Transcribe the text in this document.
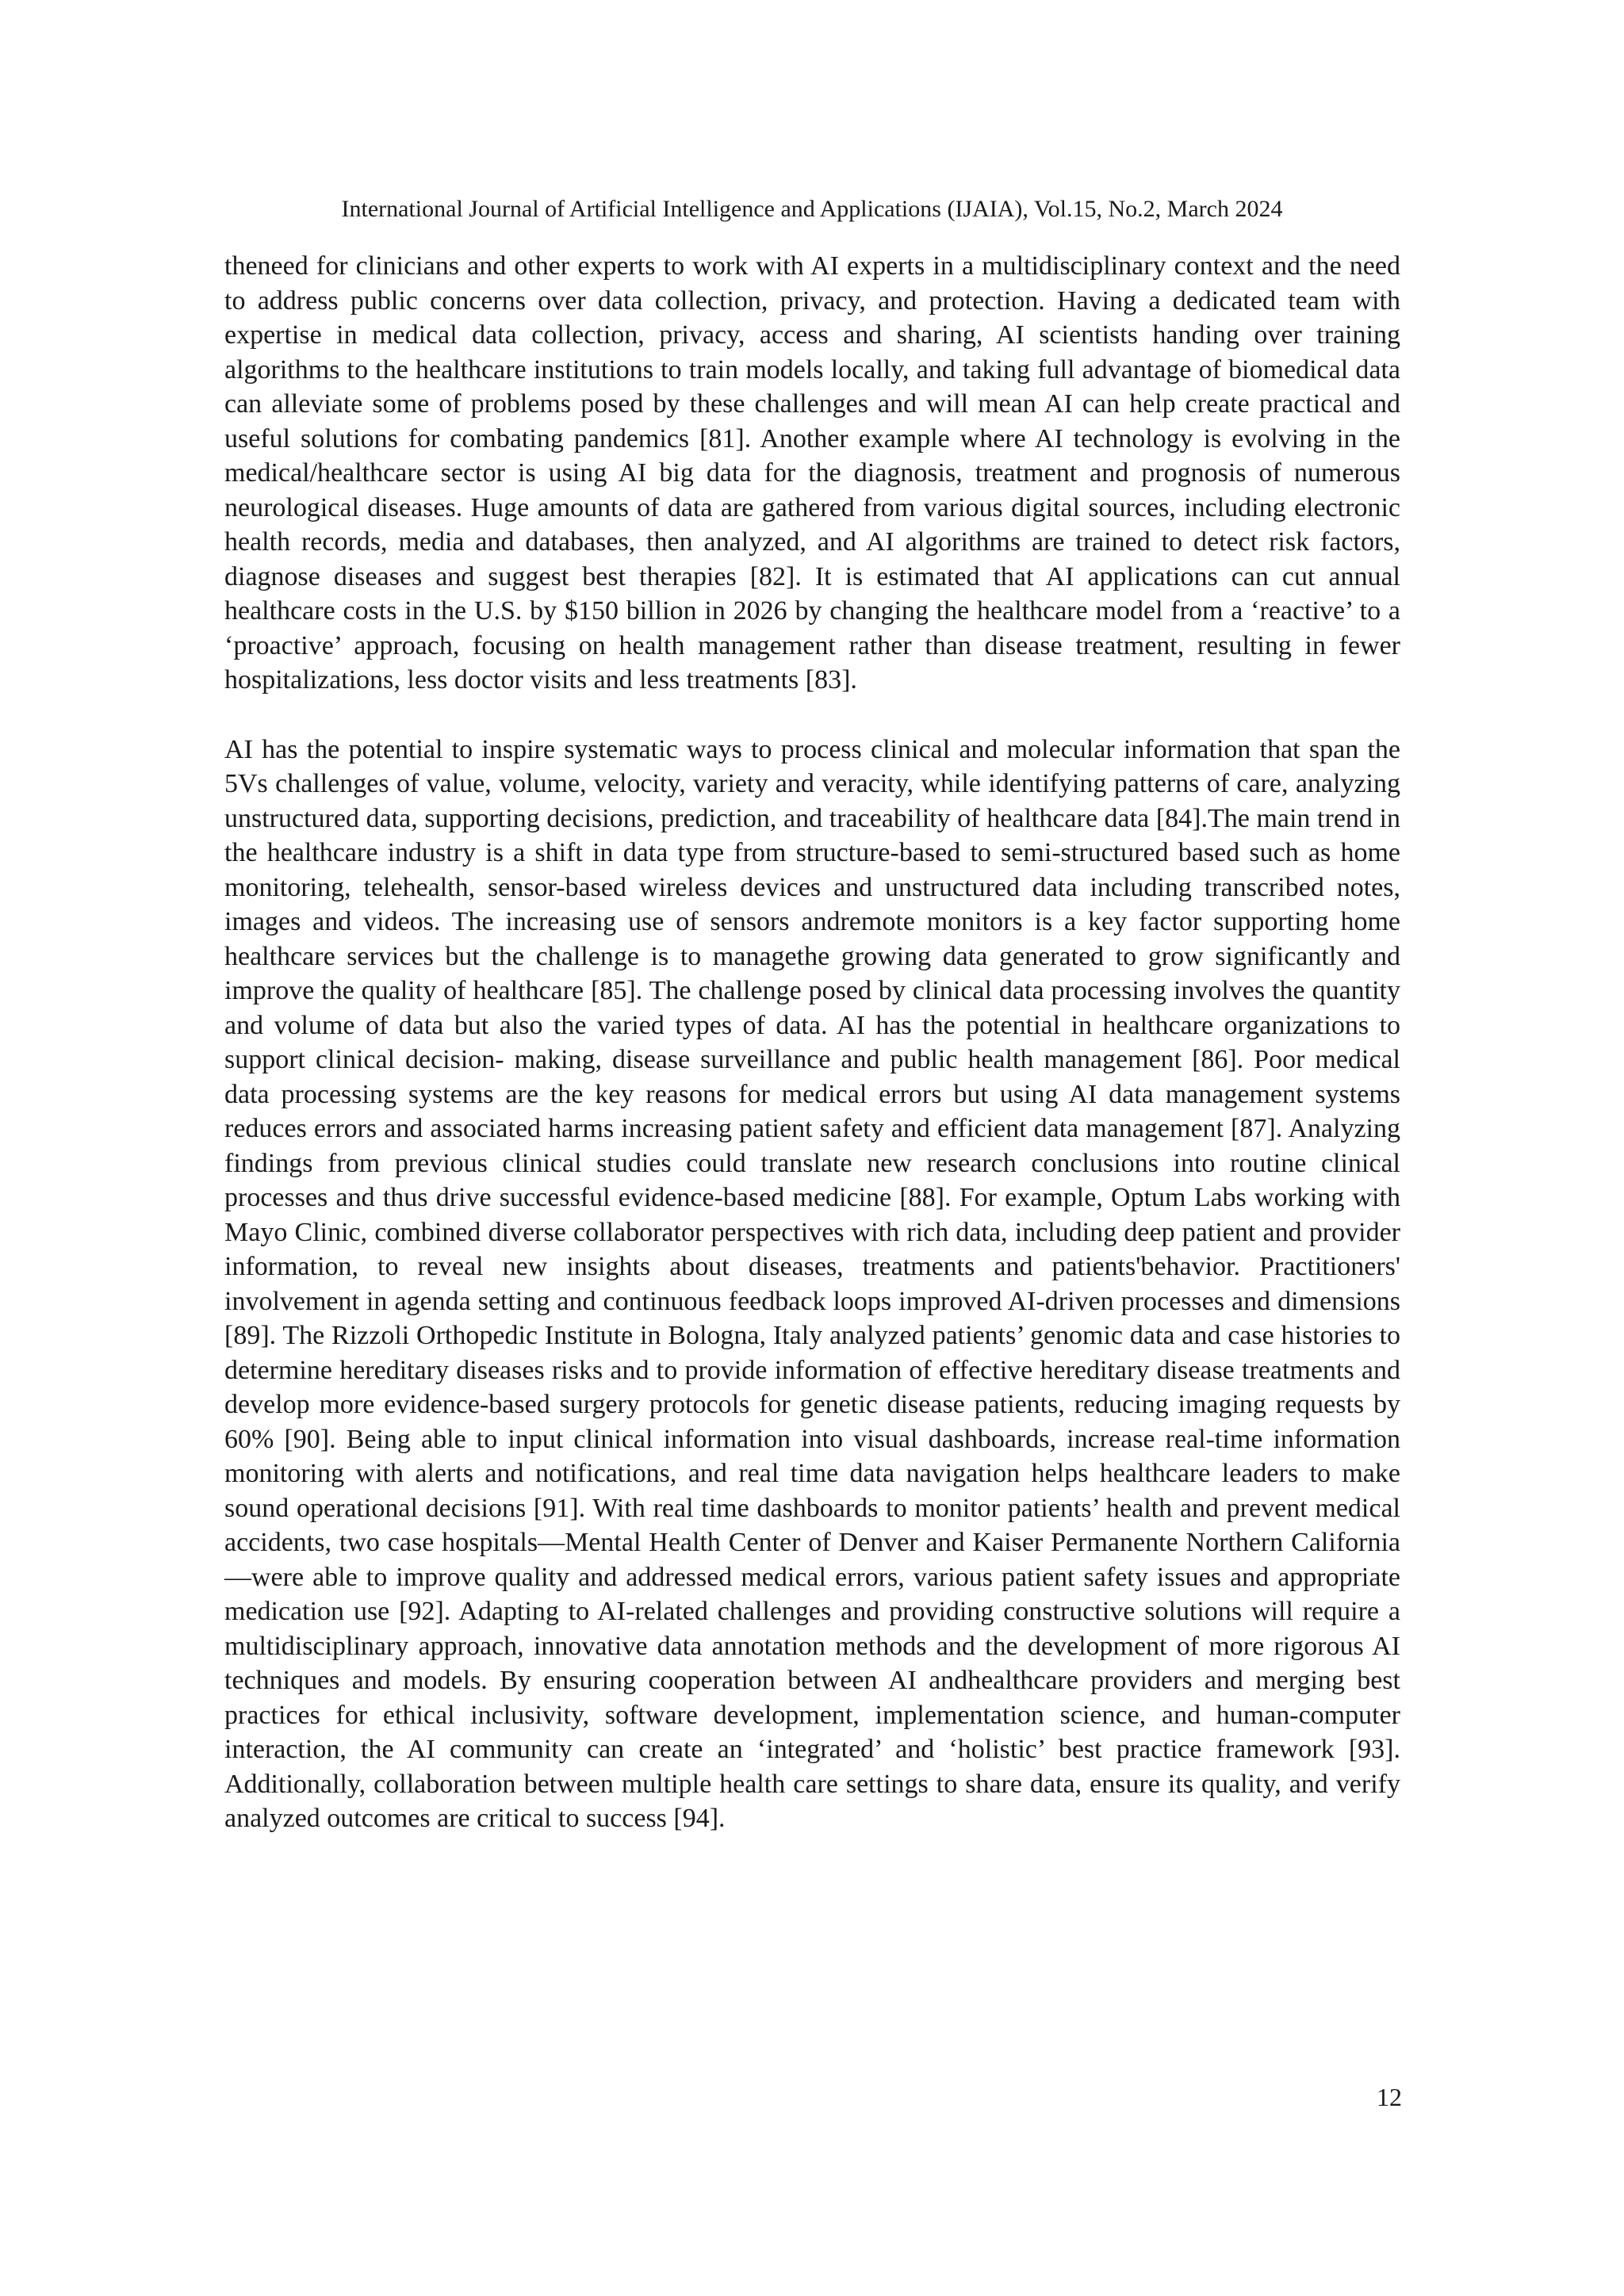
International Journal of Artificial Intelligence and Applications (IJAIA), Vol.15, No.2, March 2024

theneed for clinicians and other experts to work with AI experts in a multidisciplinary context and the need to address public concerns over data collection, privacy, and protection. Having a dedicated team with expertise in medical data collection, privacy, access and sharing, AI scientists handing over training algorithms to the healthcare institutions to train models locally, and taking full advantage of biomedical data can alleviate some of problems posed by these challenges and will mean AI can help create practical and useful solutions for combating pandemics [81]. Another example where AI technology is evolving in the medical/healthcare sector is using AI big data for the diagnosis, treatment and prognosis of numerous neurological diseases. Huge amounts of data are gathered from various digital sources, including electronic health records, media and databases, then analyzed, and AI algorithms are trained to detect risk factors, diagnose diseases and suggest best therapies [82]. It is estimated that AI applications can cut annual healthcare costs in the U.S. by $150 billion in 2026 by changing the healthcare model from a ‘reactive’ to a ‘proactive’ approach, focusing on health management rather than disease treatment, resulting in fewer hospitalizations, less doctor visits and less treatments [83].

AI has the potential to inspire systematic ways to process clinical and molecular information that span the 5Vs challenges of value, volume, velocity, variety and veracity, while identifying patterns of care, analyzing unstructured data, supporting decisions, prediction, and traceability of healthcare data [84].The main trend in the healthcare industry is a shift in data type from structure-based to semi-structured based such as home monitoring, telehealth, sensor-based wireless devices and unstructured data including transcribed notes, images and videos. The increasing use of sensors andremote monitors is a key factor supporting home healthcare services but the challenge is to managethe growing data generated to grow significantly and improve the quality of healthcare [85]. The challenge posed by clinical data processing involves the quantity and volume of data but also the varied types of data. AI has the potential in healthcare organizations to support clinical decision- making, disease surveillance and public health management [86]. Poor medical data processing systems are the key reasons for medical errors but using AI data management systems reduces errors and associated harms increasing patient safety and efficient data management [87]. Analyzing findings from previous clinical studies could translate new research conclusions into routine clinical processes and thus drive successful evidence-based medicine [88]. For example, Optum Labs working with Mayo Clinic, combined diverse collaborator perspectives with rich data, including deep patient and provider information, to reveal new insights about diseases, treatments and patients'behavior. Practitioners' involvement in agenda setting and continuous feedback loops improved AI-driven processes and dimensions [89]. The Rizzoli Orthopedic Institute in Bologna, Italy analyzed patients’ genomic data and case histories to determine hereditary diseases risks and to provide information of effective hereditary disease treatments and develop more evidence-based surgery protocols for genetic disease patients, reducing imaging requests by 60% [90]. Being able to input clinical information into visual dashboards, increase real-time information monitoring with alerts and notifications, and real time data navigation helps healthcare leaders to make sound operational decisions [91]. With real time dashboards to monitor patients’ health and prevent medical accidents, two case hospitals—Mental Health Center of Denver and Kaiser Permanente Northern California—were able to improve quality and addressed medical errors, various patient safety issues and appropriate medication use [92]. Adapting to AI-related challenges and providing constructive solutions will require a multidisciplinary approach, innovative data annotation methods and the development of more rigorous AI techniques and models. By ensuring cooperation between AI andhealthcare providers and merging best practices for ethical inclusivity, software development, implementation science, and human-computer interaction, the AI community can create an ‘integrated’ and ‘holistic’ best practice framework [93]. Additionally, collaboration between multiple health care settings to share data, ensure its quality, and verify analyzed outcomes are critical to success [94].

12
